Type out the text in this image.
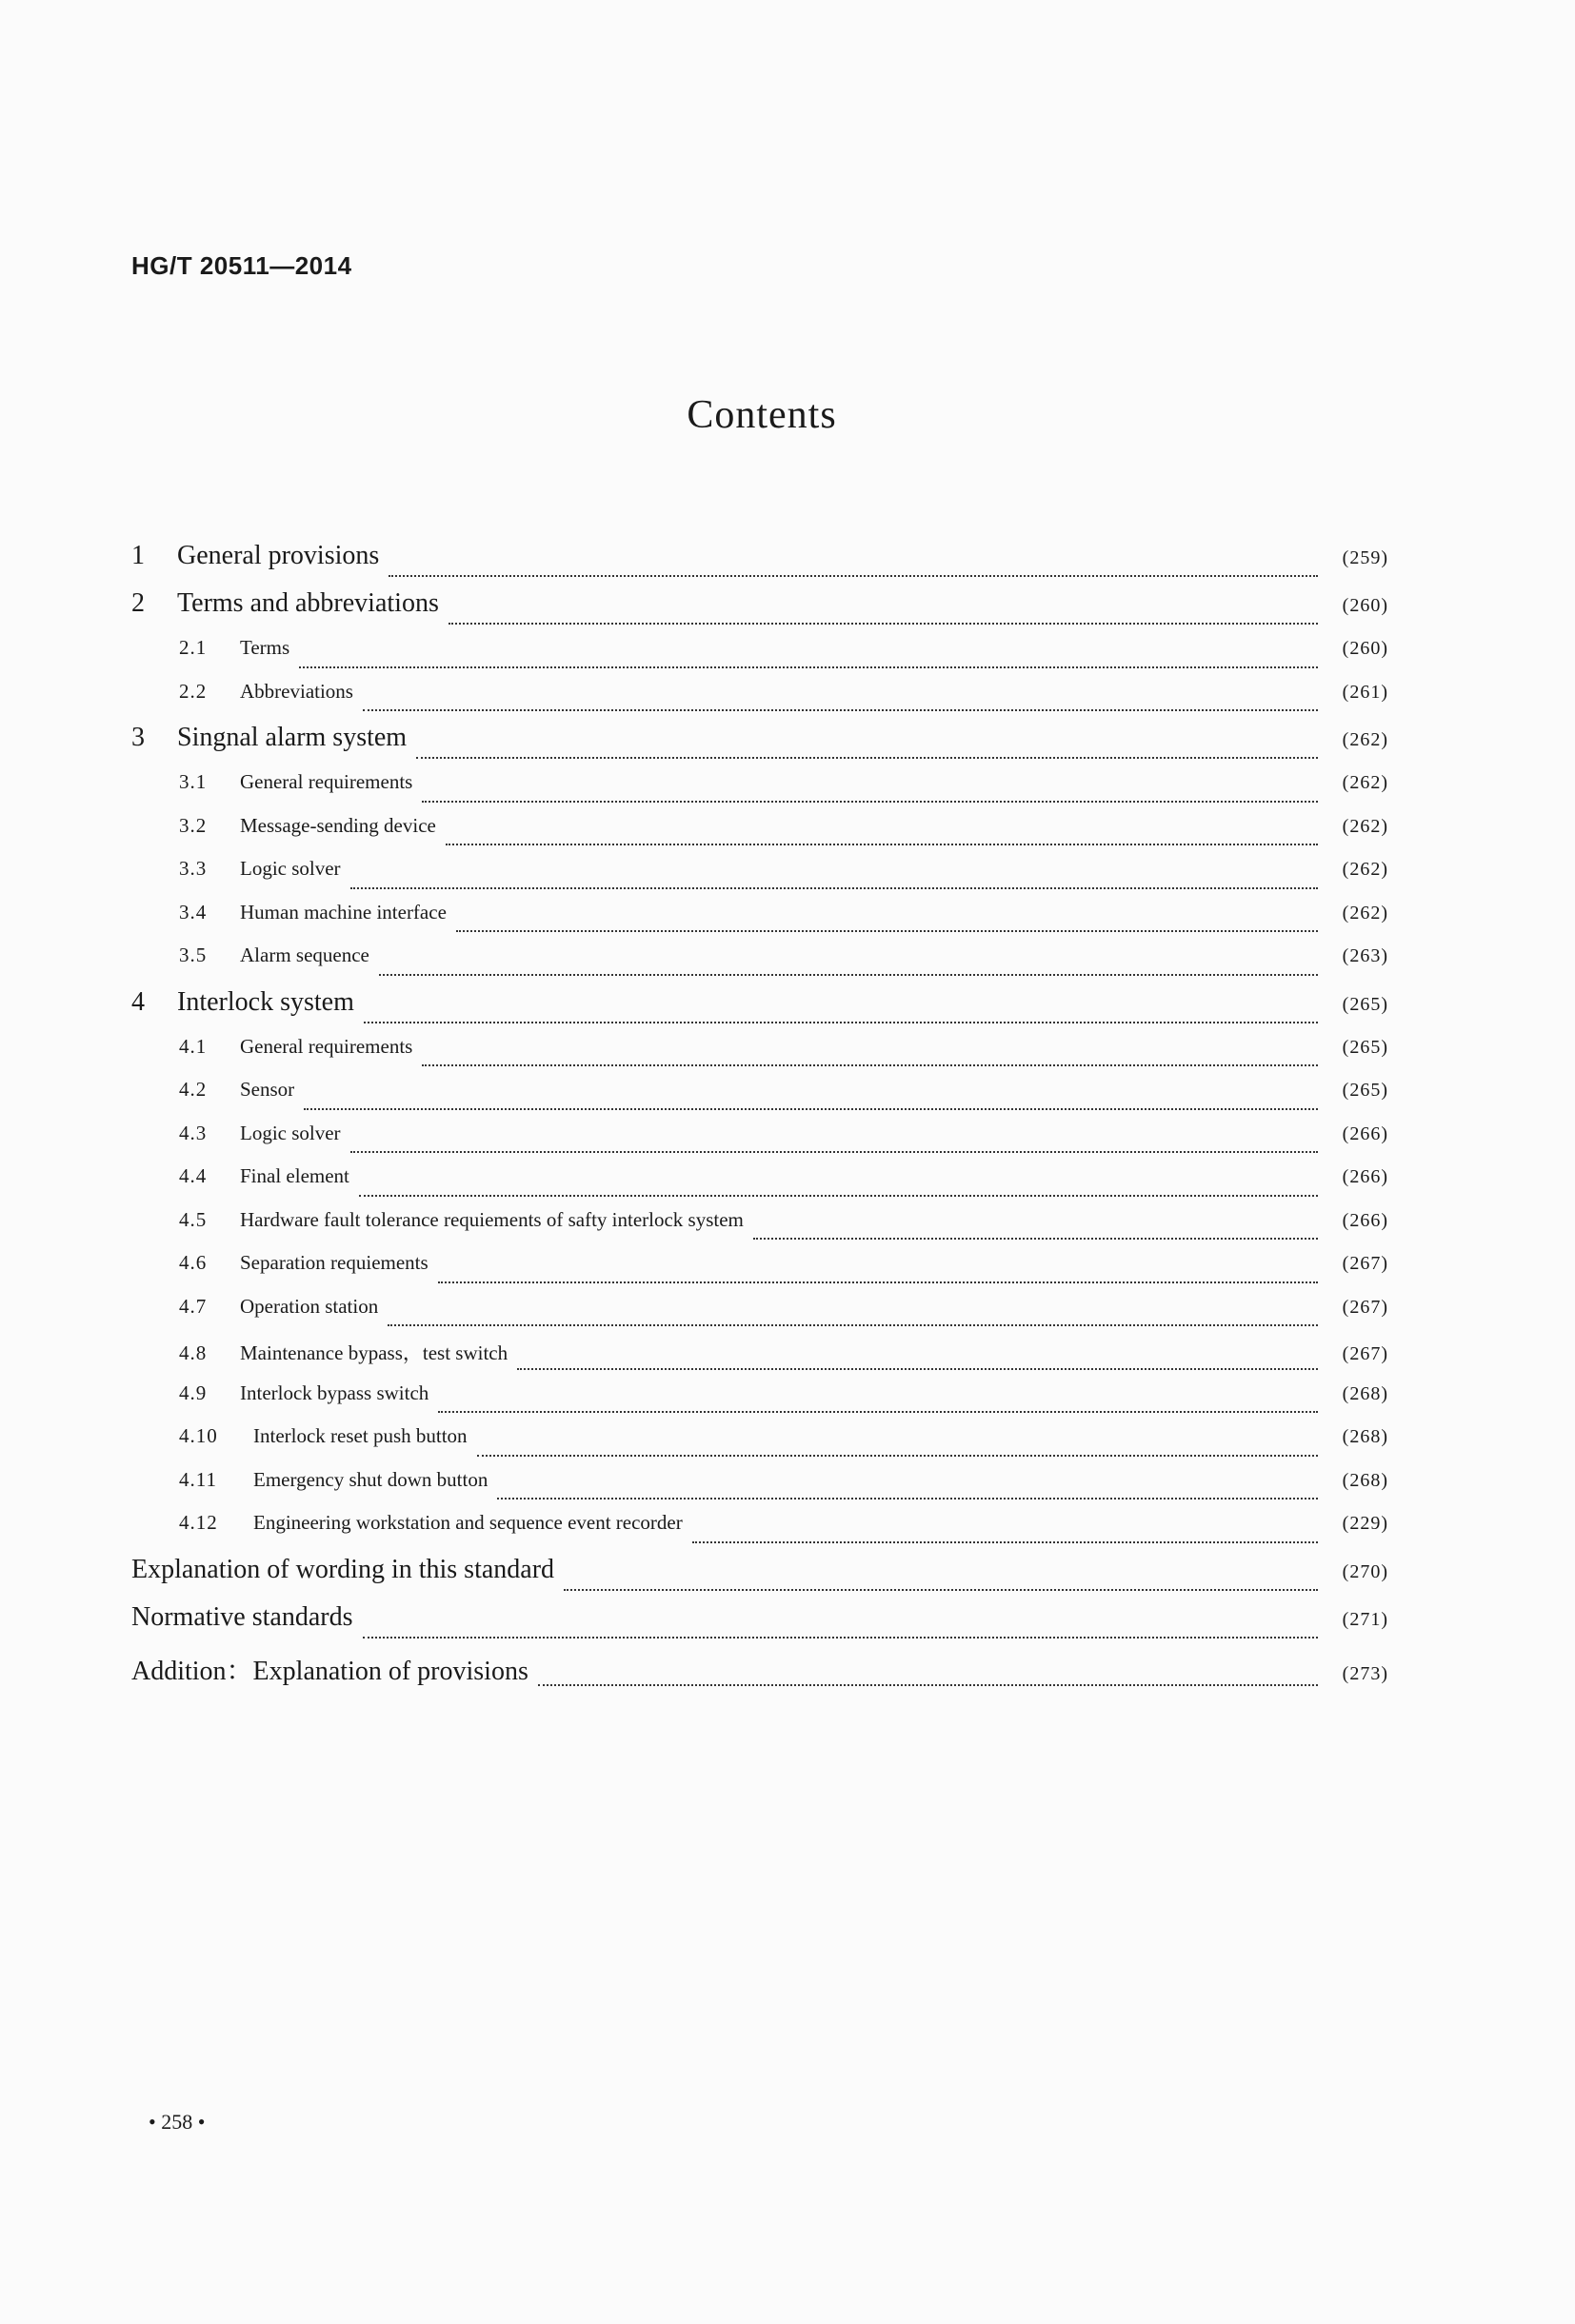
HG/T 20511—2014
Contents
1	General provisions	(259)
2	Terms and abbreviations	(260)
2.1	Terms	(260)
2.2	Abbreviations	(261)
3	Singnal alarm system	(262)
3.1	General requirements	(262)
3.2	Message-sending device	(262)
3.3	Logic solver	(262)
3.4	Human machine interface	(262)
3.5	Alarm sequence	(263)
4	Interlock system	(265)
4.1	General requirements	(265)
4.2	Sensor	(265)
4.3	Logic solver	(266)
4.4	Final element	(266)
4.5	Hardware fault tolerance requiements of safty interlock system	(266)
4.6	Separation requiements	(267)
4.7	Operation station	(267)
4.8	Maintenance bypass，test switch	(267)
4.9	Interlock bypass switch	(268)
4.10	Interlock reset push button	(268)
4.11	Emergency shut down button	(268)
4.12	Engineering workstation and sequence event recorder	(229)
Explanation of wording in this standard	(270)
Normative standards	(271)
Addition：Explanation of provisions	(273)
• 258 •
